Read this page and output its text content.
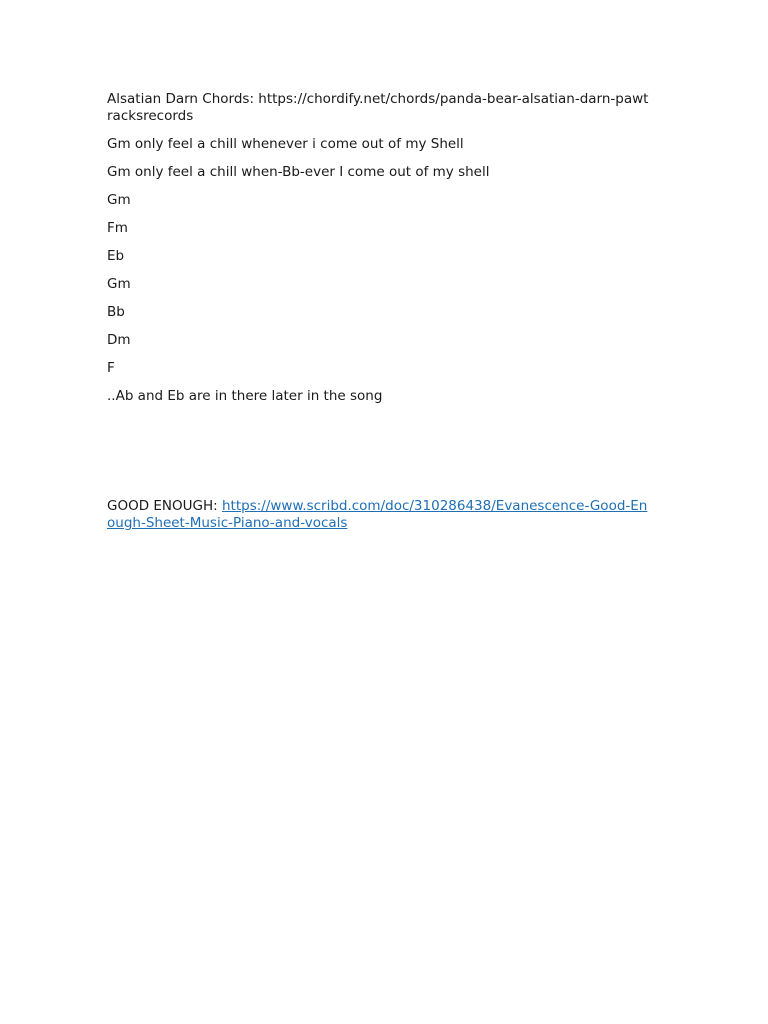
Alsatian Darn Chords: https://chordify.net/chords/panda-bear-alsatian-darn-pawtracksrecords

Gm only feel a chill whenever i come out of my Shell

Gm only feel a chill when-Bb-ever I come out of my shell

Gm

Fm

Eb

Gm

Bb

Dm

F

..Ab and Eb are in there later in the song

GOOD ENOUGH: https://www.scribd.com/doc/310286438/Evanescence-Good-Enough-Sheet-Music-Piano-and-vocals
